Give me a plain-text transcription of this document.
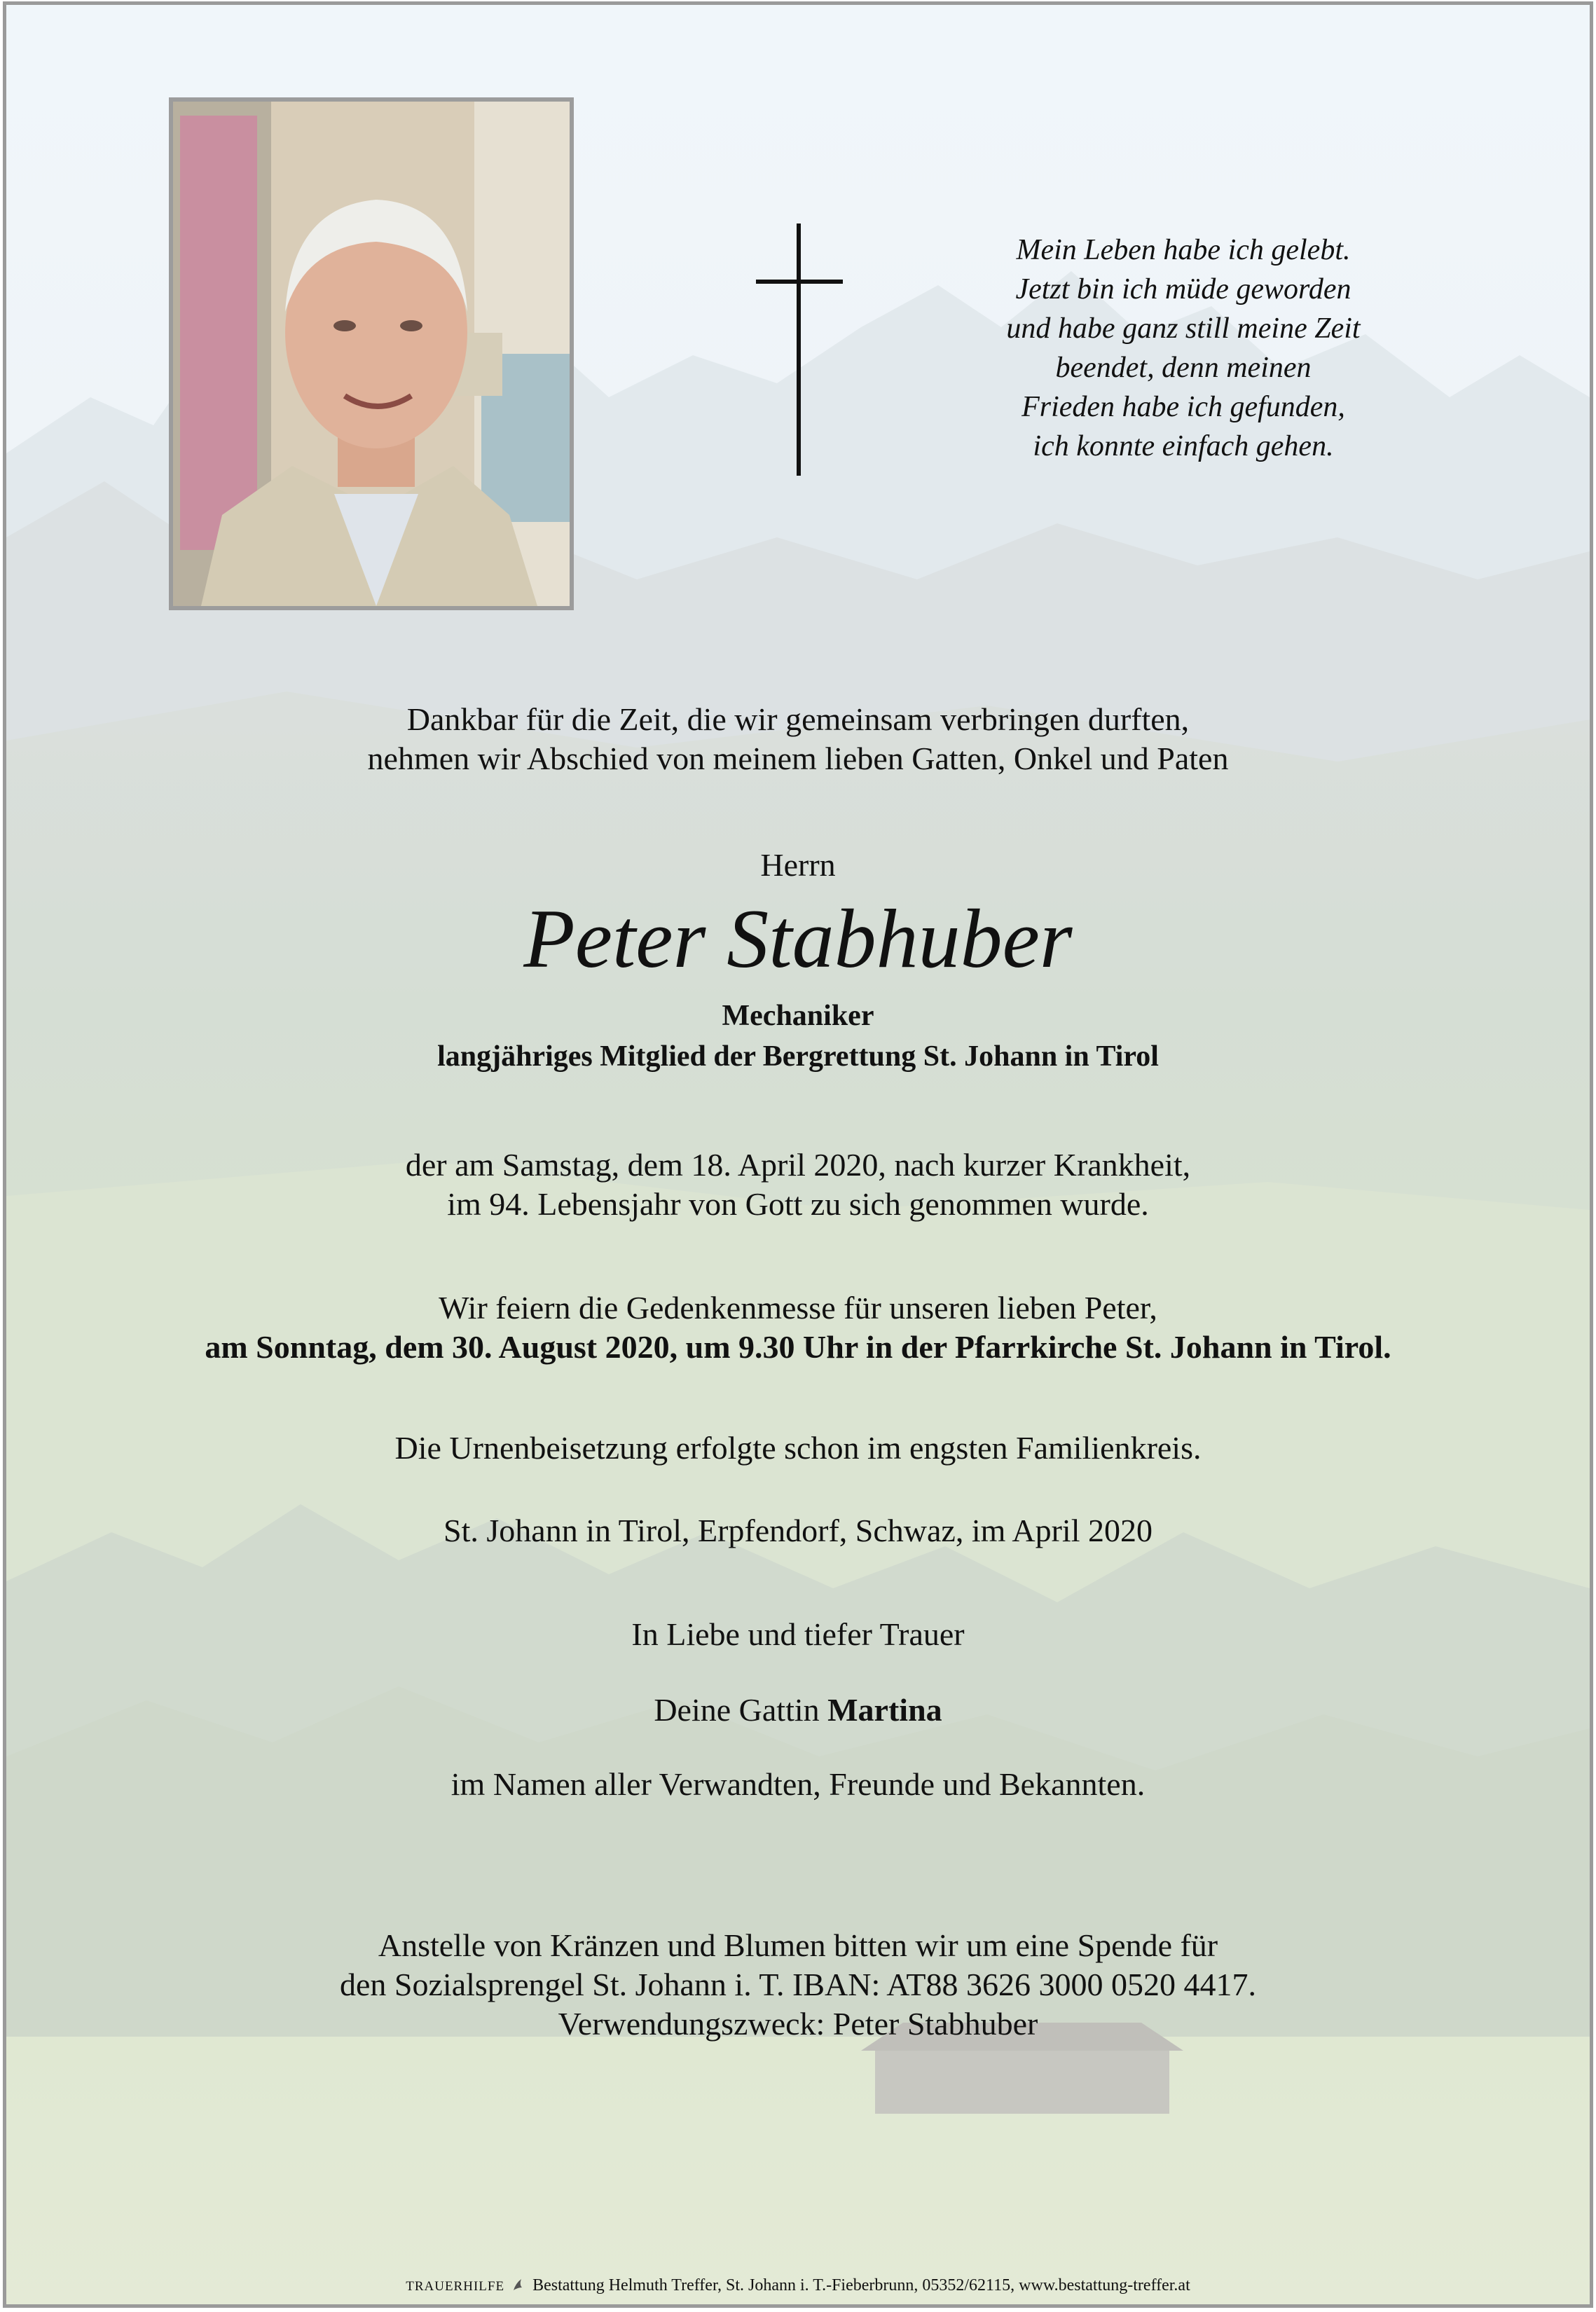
Mein Leben habe ich gelebt.
Jetzt bin ich müde geworden
und habe ganz still meine Zeit
beendet, denn meinen
Frieden habe ich gefunden,
ich konnte einfach gehen.
Dankbar für die Zeit, die wir gemeinsam verbringen durften,
nehmen wir Abschied von meinem lieben Gatten, Onkel und Paten
Herrn
Peter Stabhuber
Mechaniker
langjähriges Mitglied der Bergrettung St. Johann in Tirol
der am Samstag, dem 18. April 2020, nach kurzer Krankheit,
im 94. Lebensjahr von Gott zu sich genommen wurde.
Wir feiern die Gedenkenmesse für unseren lieben Peter,
am Sonntag, dem 30. August 2020, um 9.30 Uhr in der Pfarrkirche St. Johann in Tirol.
Die Urnenbeisetzung erfolgte schon im engsten Familienkreis.
St. Johann in Tirol, Erpfendorf, Schwaz, im April 2020
In Liebe und tiefer Trauer
Deine Gattin Martina
im Namen aller Verwandten, Freunde und Bekannten.
Anstelle von Kränzen und Blumen bitten wir um eine Spende für
den Sozialsprengel St. Johann i. T. IBAN: AT88 3626 3000 0520 4417.
Verwendungszweck: Peter Stabhuber
TRAUERHILFE Bestattung Helmuth Treffer, St. Johann i. T.-Fieberbrunn, 05352/62115, www.bestattung-treffer.at
